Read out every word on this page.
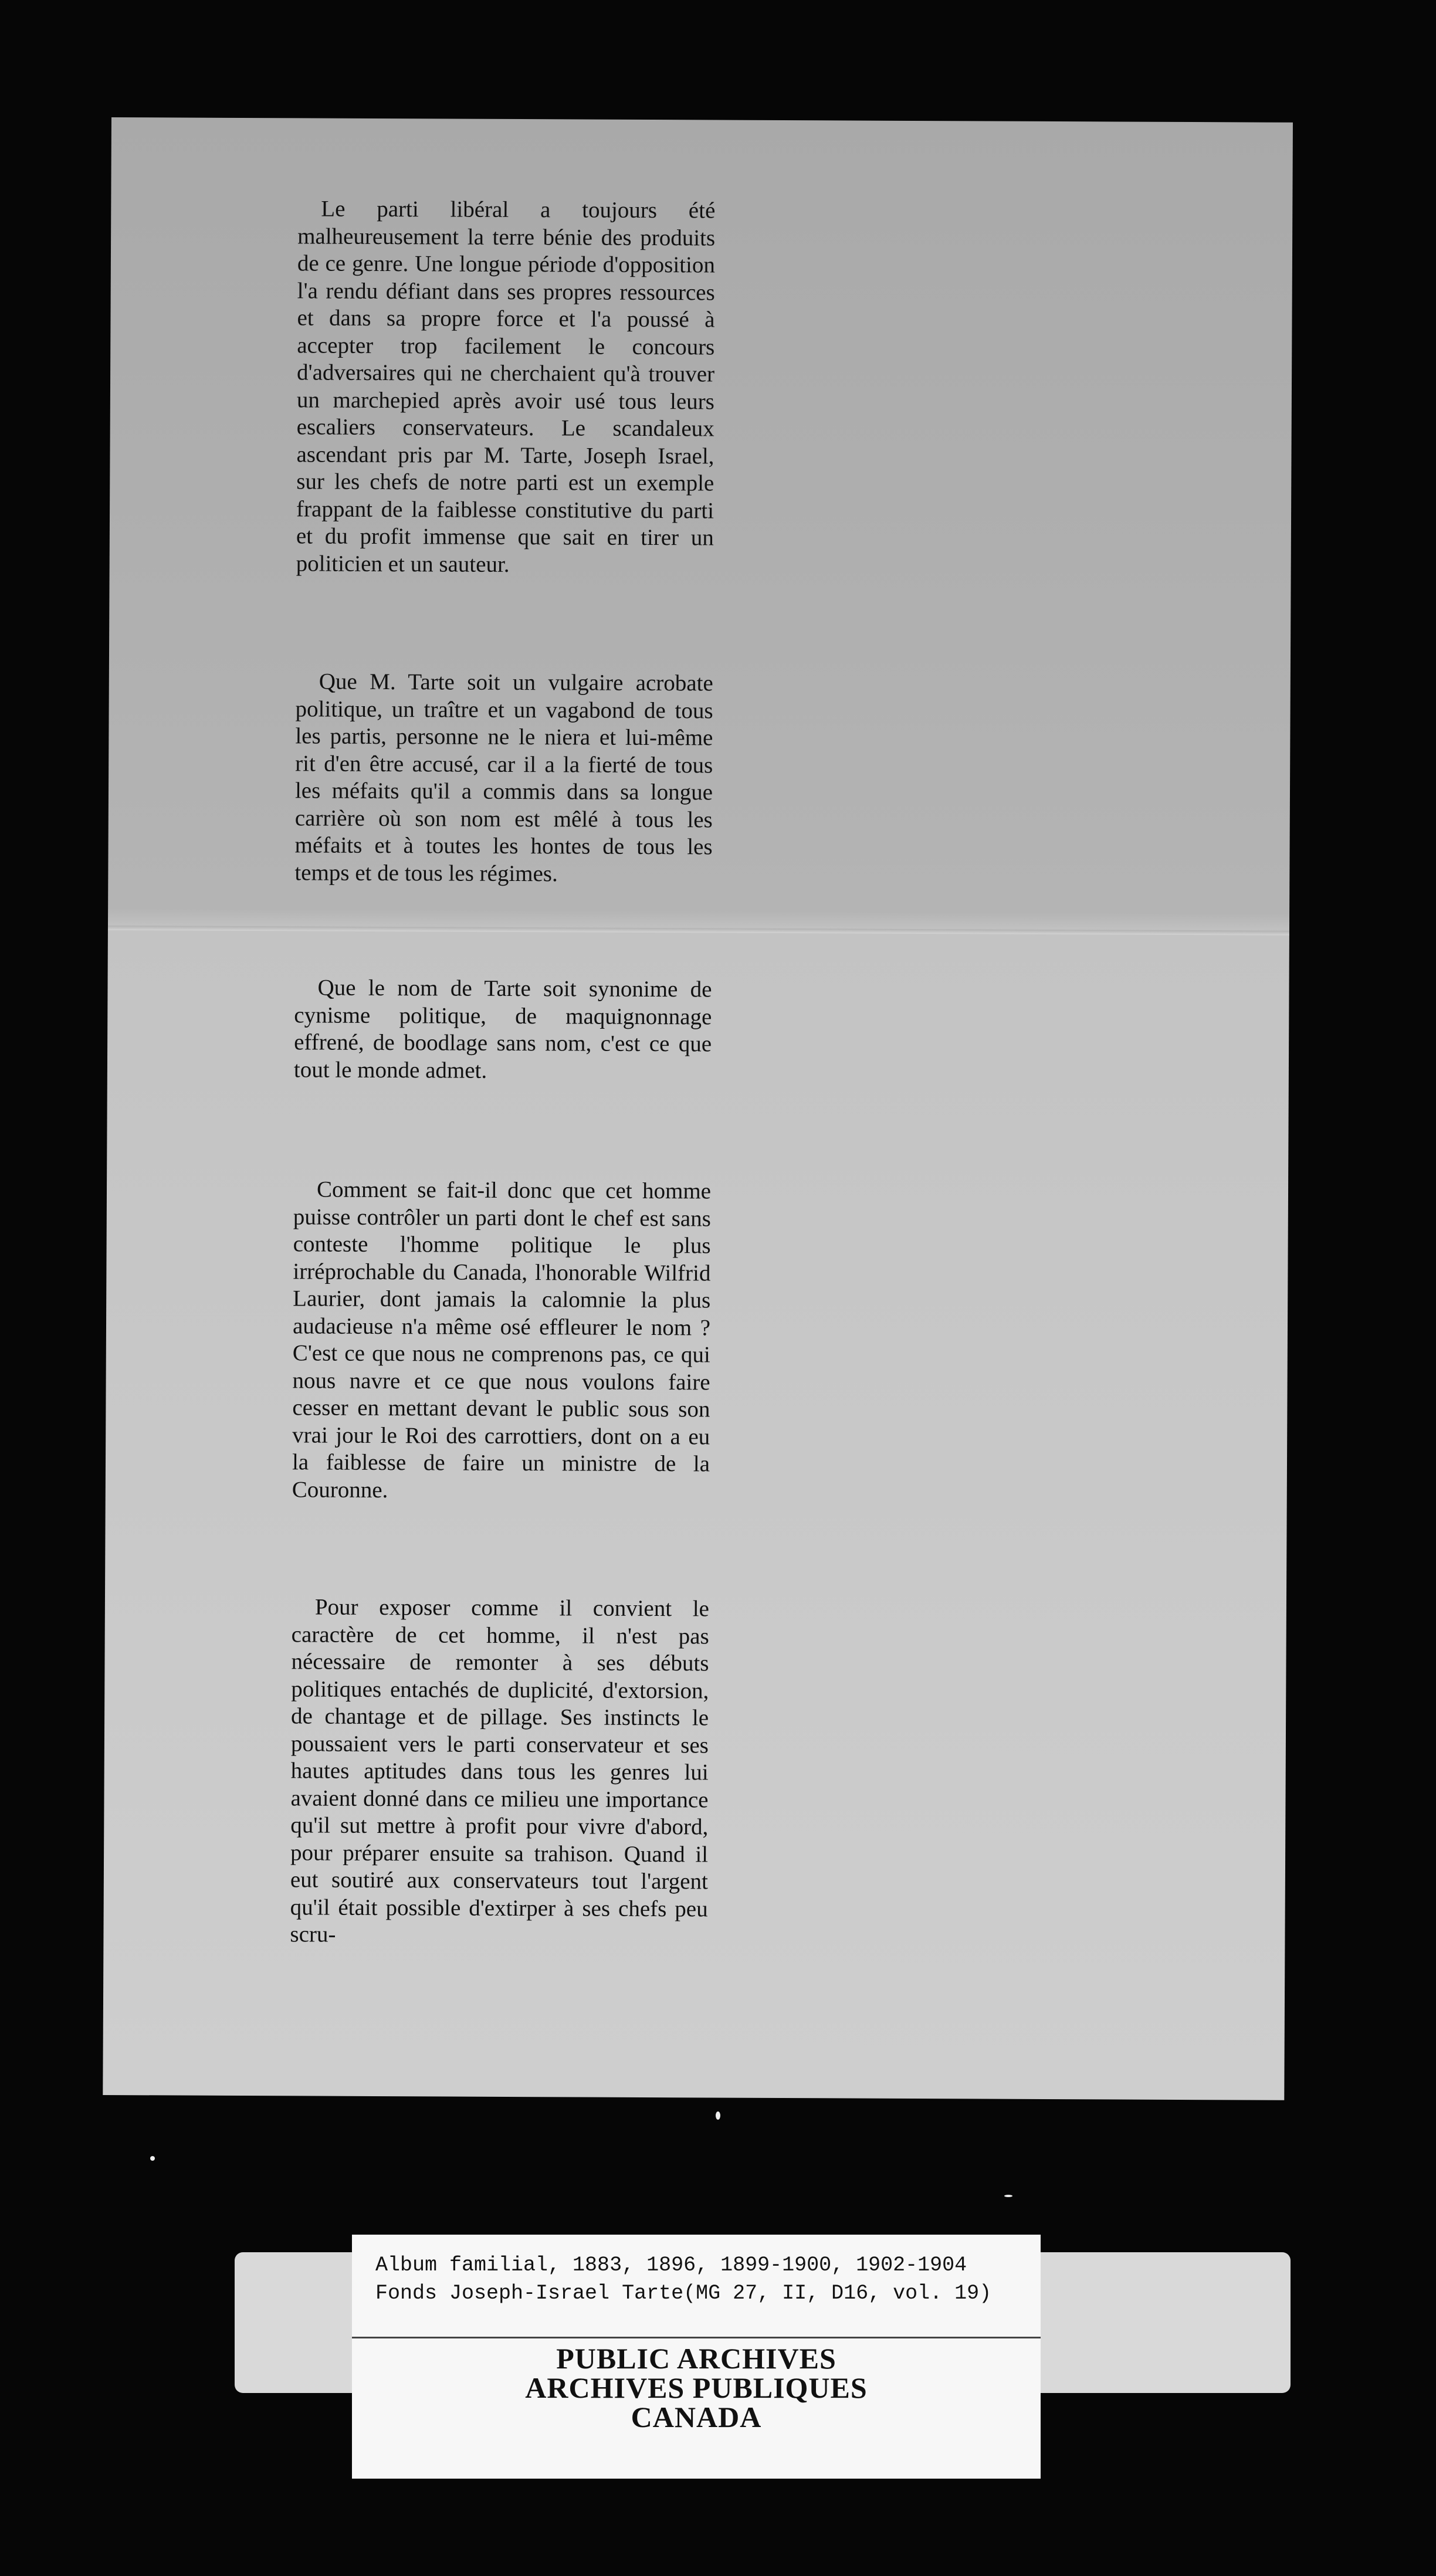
Le parti libéral a toujours été malheureusement la terre bénie des produits de ce genre. Une longue période d'opposition l'a rendu défiant dans ses propres ressources et dans sa propre force et l'a poussé à accepter trop facilement le concours d'adversaires qui ne cherchaient qu'à trouver un marchepied après avoir usé tous leurs escaliers conservateurs. Le scandaleux ascendant pris par M. Tarte, Joseph Israel, sur les chefs de notre parti est un exemple frappant de la faiblesse constitutive du parti et du profit immense que sait en tirer un politicien et un sauteur.

Que M. Tarte soit un vulgaire acrobate politique, un traître et un vagabond de tous les partis, personne ne le niera et lui-même rit d'en être accusé, car il a la fierté de tous les méfaits qu'il a commis dans sa longue carrière où son nom est mêlé à tous les méfaits et à toutes les hontes de tous les temps et de tous les régimes.

Que le nom de Tarte soit synonime de cynisme politique, de maquignonnage effrené, de boodlage sans nom, c'est ce que tout le monde admet.

Comment se fait-il donc que cet homme puisse contrôler un parti dont le chef est sans conteste l'homme politique le plus irréprochable du Canada, l'honorable Wilfrid Laurier, dont jamais la calomnie la plus audacieuse n'a même osé effleurer le nom ? C'est ce que nous ne comprenons pas, ce qui nous navre et ce que nous voulons faire cesser en mettant devant le public sous son vrai jour le Roi des carrottiers, dont on a eu la faiblesse de faire un ministre de la Couronne.

Pour exposer comme il convient le caractère de cet homme, il n'est pas nécessaire de remonter à ses débuts politiques entachés de duplicité, d'extorsion, de chantage et de pillage. Ses instincts le poussaient vers le parti conservateur et ses hautes aptitudes dans tous les genres lui avaient donné dans ce milieu une importance qu'il sut mettre à profit pour vivre d'abord, pour préparer ensuite sa trahison. Quand il eut soutiré aux conservateurs tout l'argent qu'il était possible d'extirper à ses chefs peu scru-

Album familial, 1883, 1896, 1899-1900, 1902-1904
Fonds Joseph-Israel Tarte(MG 27, II, D16, vol. 19)
PUBLIC ARCHIVES
ARCHIVES PUBLIQUES
CANADA
